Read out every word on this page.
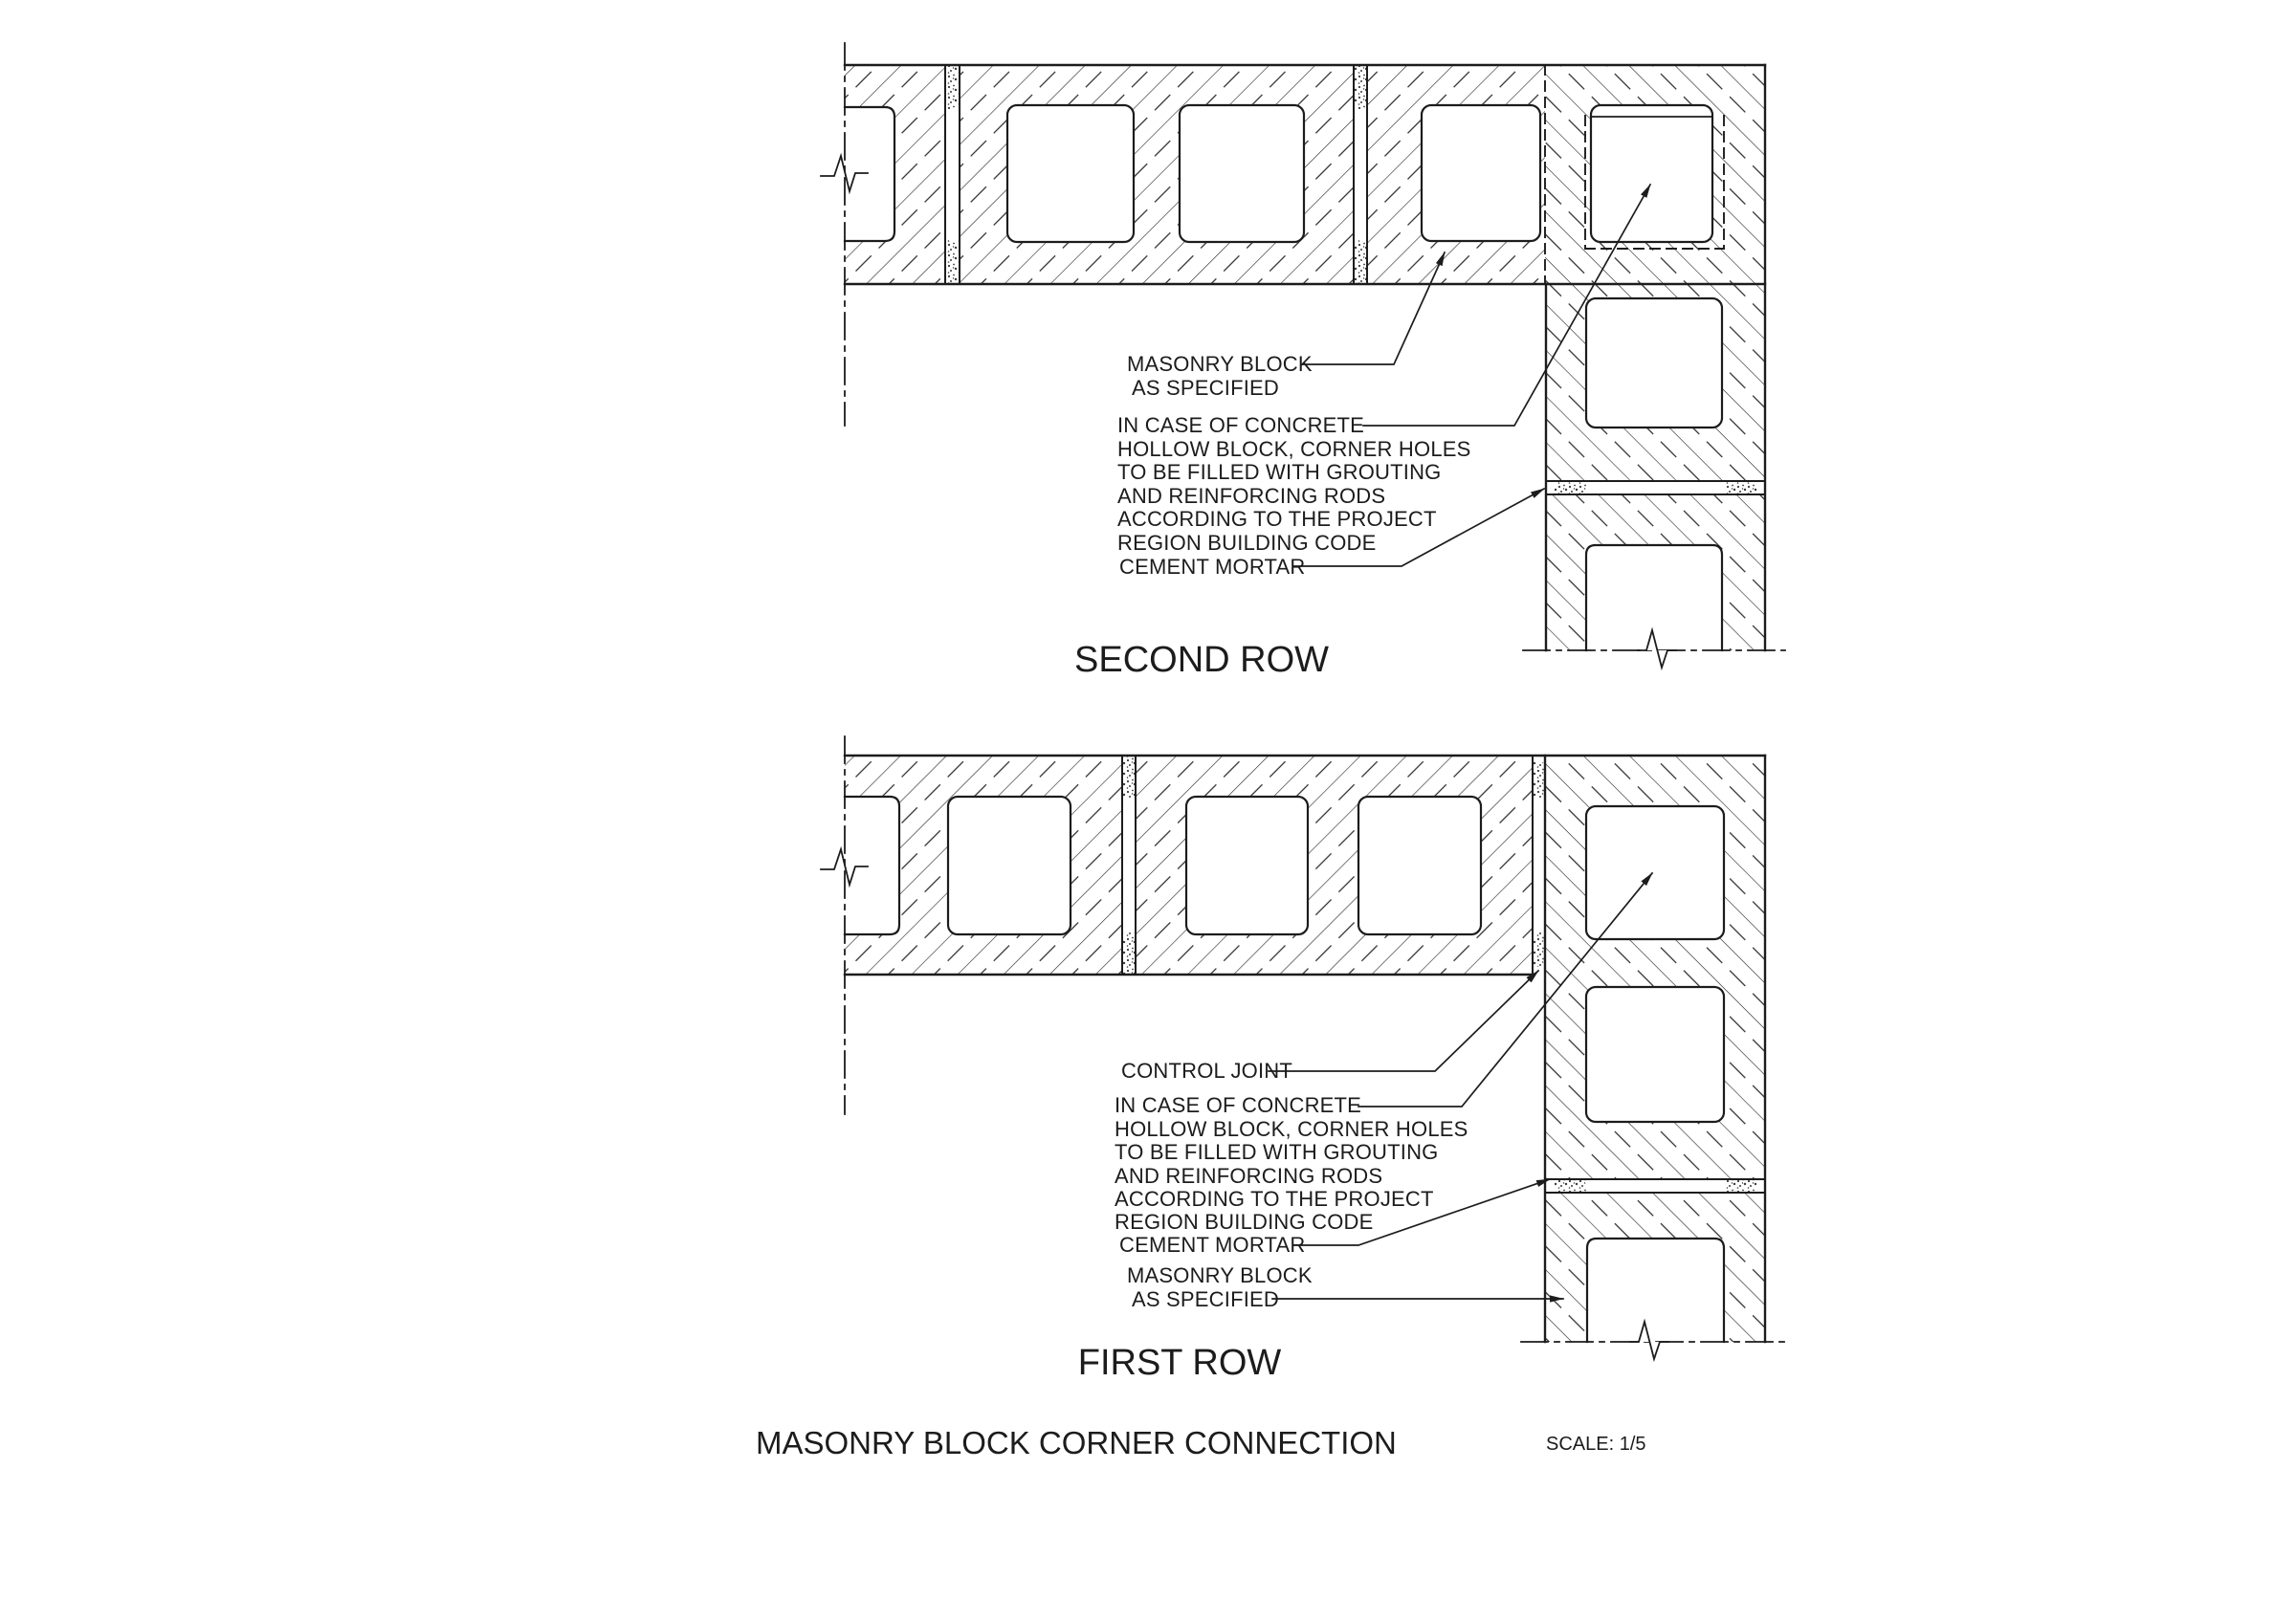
MASONRY BLOCK
AS SPECIFIED
IN CASE OF CONCRETE
HOLLOW BLOCK, CORNER HOLES
TO BE FILLED WITH GROUTING
AND REINFORCING RODS
ACCORDING TO THE PROJECT
REGION BUILDING CODE
CEMENT MORTAR
SECOND ROW
CONTROL JOINT
IN CASE OF CONCRETE
HOLLOW BLOCK, CORNER HOLES
TO BE FILLED WITH GROUTING
AND REINFORCING RODS
ACCORDING TO THE PROJECT
REGION BUILDING CODE
CEMENT MORTAR
MASONRY BLOCK
AS SPECIFIED
FIRST ROW
MASONRY BLOCK CORNER CONNECTION	SCALE: 1/5
